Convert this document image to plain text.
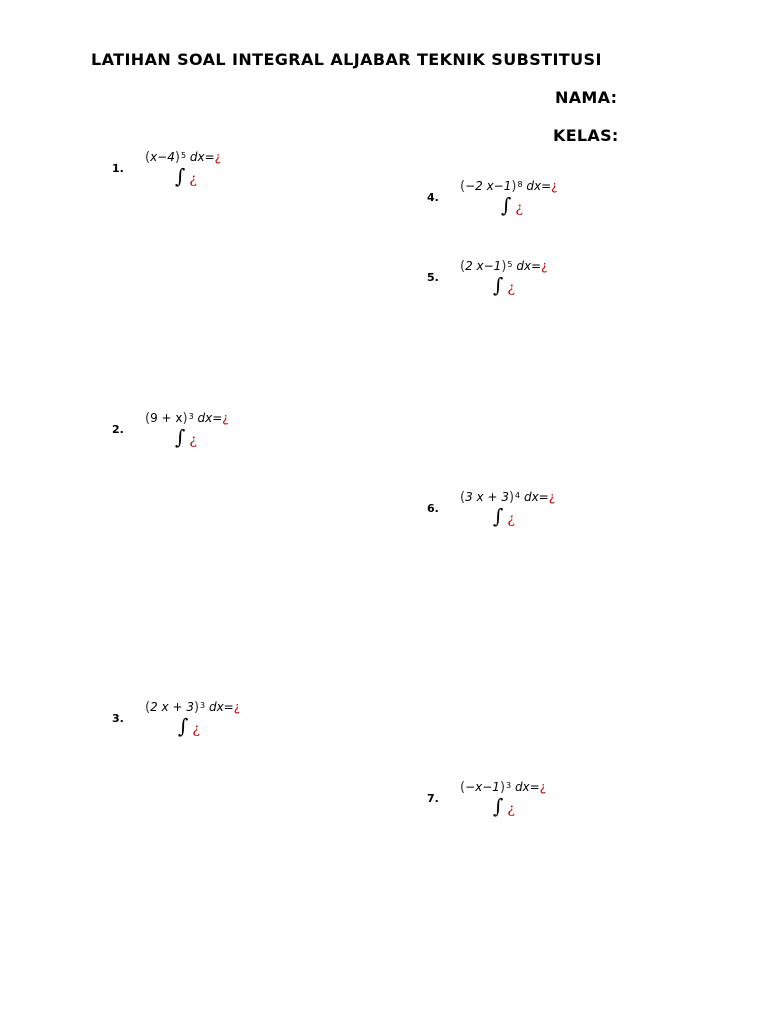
LATIHAN SOAL INTEGRAL ALJABAR TEKNIK SUBSTITUSI
NAMA:
KELAS:
1.
$(x-4)^5$ dx=¿
∫ ¿
2.
$(9 + x)^3$ dx=¿
∫ ¿
3.
(2 x + 3)$^3$ dx=¿
∫ ¿
4.
(−2 x−1)$^8$ dx=¿
∫ ¿
5.
(2 x−1)$^5$ dx=¿
∫ ¿
6.
(3 x + 3)$^4$ dx=¿
∫ ¿
7.
$(-x-1)^3$ dx=¿
∫ ¿
